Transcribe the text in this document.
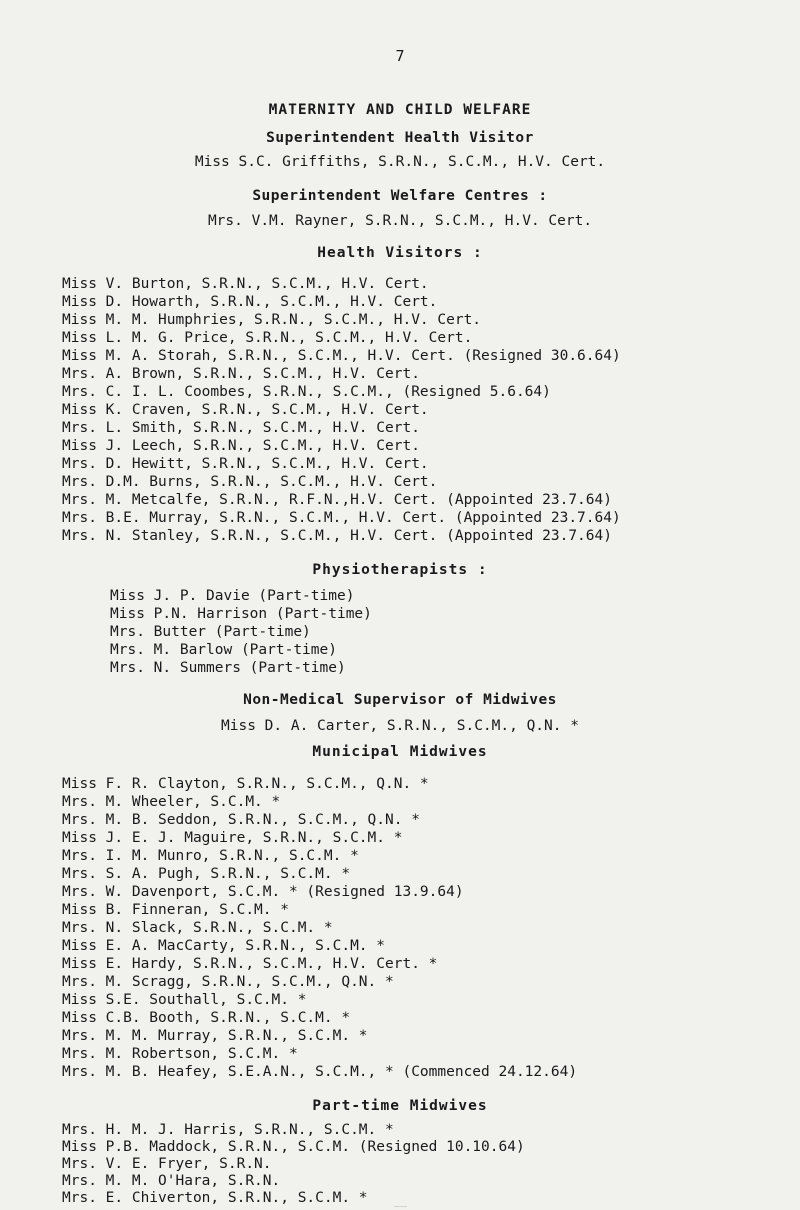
7
MATERNITY AND CHILD WELFARE
Superintendent Health Visitor
Miss S.C. Griffiths, S.R.N., S.C.M., H.V. Cert.
Superintendent Welfare Centres :
Mrs. V.M. Rayner, S.R.N., S.C.M., H.V. Cert.
Health Visitors :
Miss V. Burton, S.R.N., S.C.M., H.V. Cert.
Miss D. Howarth, S.R.N., S.C.M., H.V. Cert.
Miss M. M. Humphries, S.R.N., S.C.M., H.V. Cert.
Miss L. M. G. Price, S.R.N., S.C.M., H.V. Cert.
Miss M. A. Storah, S.R.N., S.C.M., H.V. Cert. (Resigned 30.6.64)
Mrs. A. Brown, S.R.N., S.C.M., H.V. Cert.
Mrs. C. I. L. Coombes, S.R.N., S.C.M., (Resigned 5.6.64)
Miss K. Craven, S.R.N., S.C.M., H.V. Cert.
Mrs. L. Smith, S.R.N., S.C.M., H.V. Cert.
Miss J. Leech, S.R.N., S.C.M., H.V. Cert.
Mrs. D. Hewitt, S.R.N., S.C.M., H.V. Cert.
Mrs. D.M. Burns, S.R.N., S.C.M., H.V. Cert.
Mrs. M. Metcalfe, S.R.N., R.F.N.,H.V. Cert. (Appointed 23.7.64)
Mrs. B.E. Murray, S.R.N., S.C.M., H.V. Cert. (Appointed 23.7.64)
Mrs. N. Stanley, S.R.N., S.C.M., H.V. Cert. (Appointed 23.7.64)
Physiotherapists :
Miss J. P. Davie (Part-time)
Miss P.N. Harrison (Part-time)
Mrs. Butter (Part-time)
Mrs. M. Barlow (Part-time)
Mrs. N. Summers (Part-time)
Non-Medical Supervisor of Midwives
Miss D. A. Carter, S.R.N., S.C.M., Q.N. *
Municipal Midwives
Miss F. R. Clayton, S.R.N., S.C.M., Q.N. *
Mrs. M. Wheeler, S.C.M. *
Mrs. M. B. Seddon, S.R.N., S.C.M., Q.N. *
Miss J. E. J. Maguire, S.R.N., S.C.M. *
Mrs. I. M. Munro, S.R.N., S.C.M. *
Mrs. S. A. Pugh, S.R.N., S.C.M. *
Mrs. W. Davenport, S.C.M. * (Resigned 13.9.64)
Miss B. Finneran, S.C.M. *
Mrs. N. Slack, S.R.N., S.C.M. *
Miss E. A. MacCarty, S.R.N., S.C.M. *
Miss E. Hardy, S.R.N., S.C.M., H.V. Cert. *
Mrs. M. Scragg, S.R.N., S.C.M., Q.N. *
Miss S.E. Southall, S.C.M. *
Miss C.B. Booth, S.R.N., S.C.M. *
Mrs. M. M. Murray, S.R.N., S.C.M. *
Mrs. M. Robertson, S.C.M. *
Mrs. M. B. Heafey, S.E.A.N., S.C.M., * (Commenced 24.12.64)
Part-time Midwives
Mrs. H. M. J. Harris, S.R.N., S.C.M. *
Miss P.B. Maddock, S.R.N., S.C.M. (Resigned 10.10.64)
Mrs. V. E. Fryer, S.R.N.
Mrs. M. M. O'Hara, S.R.N.
Mrs. E. Chiverton, S.R.N., S.C.M. *
* Analgesic Certificate
